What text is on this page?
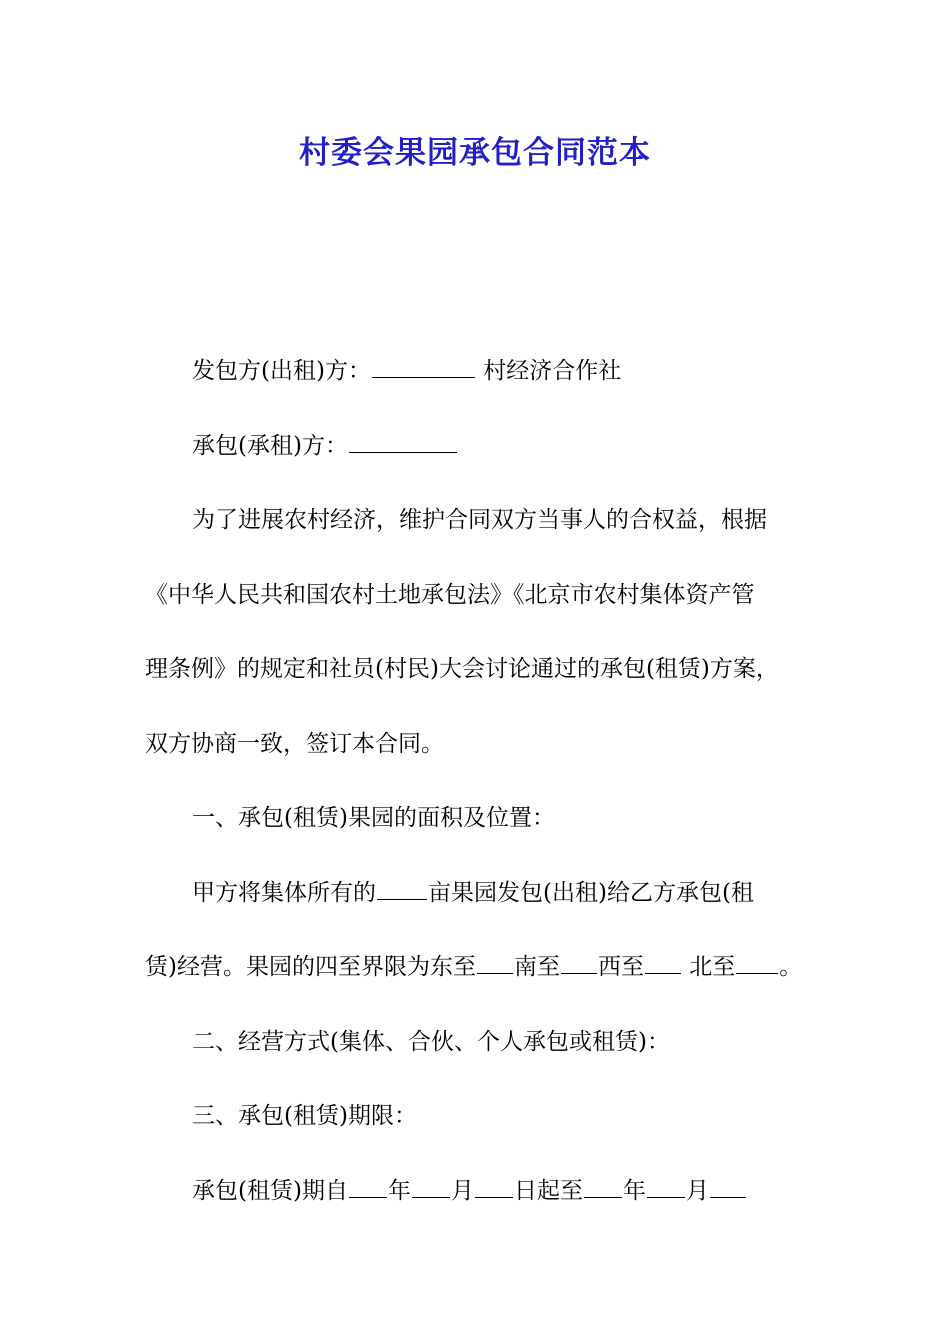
村委会果园承包合同范本
发包方(出租)方：	村经济合作社
承包(承租)方：
为了进展农村经济，维护合同双方当事人的合权益，根据
《中华人民共和国农村土地承包法》《北京市农村集体资产管
理条例》的规定和社员(村民)大会讨论通过的承包(租赁)方案，
双方协商一致，签订本合同。
一、承包(租赁)果园的面积及位置：
甲方将集体所有的 亩果园发包(出租)给乙方承包(租
赁)经营。果园的四至界限为东至 南至 西至 北至 。
二、经营方式(集体、合伙、个人承包或租赁)：
三、承包(租赁)期限：
承包(租赁)期自 年 月 日起至 年 月
